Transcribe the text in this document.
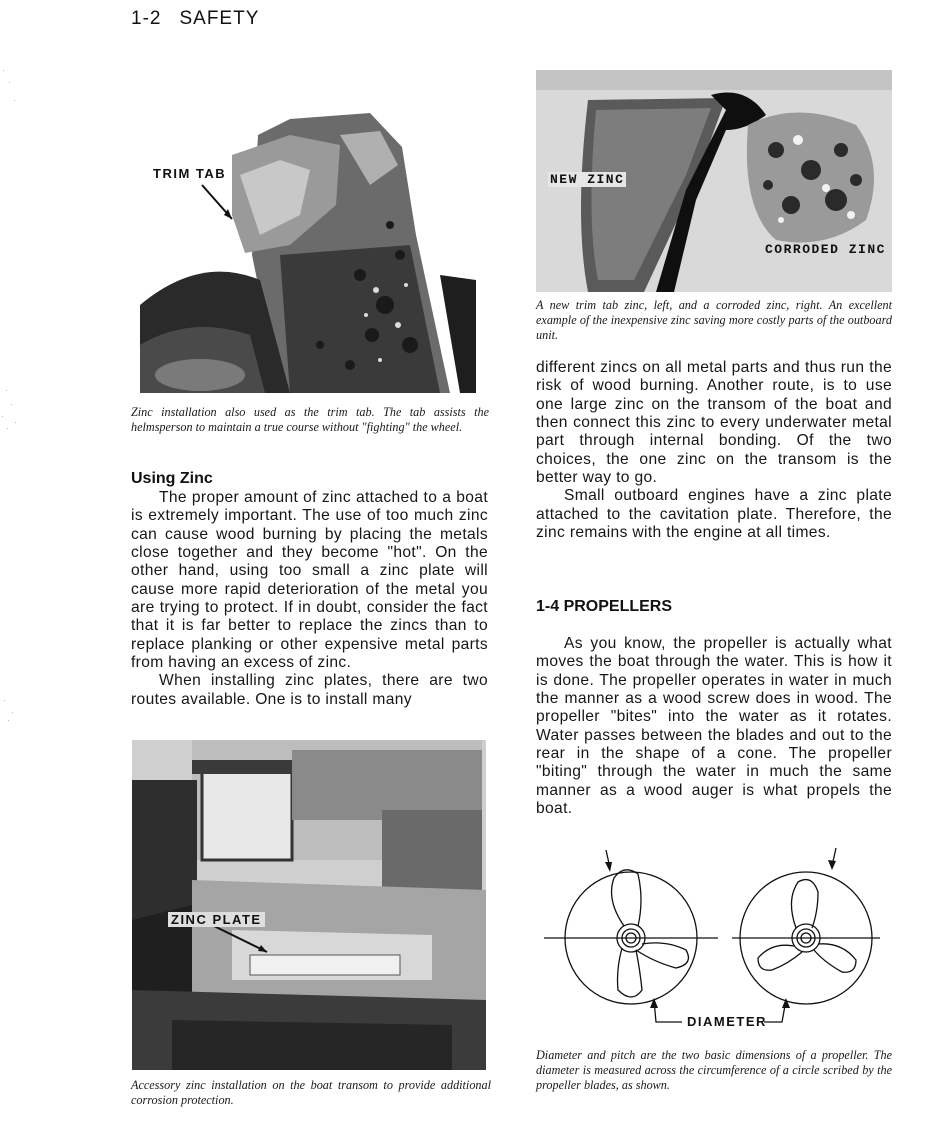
1-2 SAFETY
TRIM TAB
Zinc installation also used as the trim tab. The tab assists the helmsperson to maintain a true course without "fighting" the wheel.
Using Zinc

The proper amount of zinc attached to a boat is extremely important. The use of too much zinc can cause wood burning by placing the metals close together and they become "hot". On the other hand, using too small a zinc plate will cause more rapid deterioration of the metal you are trying to protect. If in doubt, consider the fact that it is far better to replace the zincs than to replace planking or other expensive metal parts from having an excess of zinc.

When installing zinc plates, there are two routes available. One is to install many

ZINC PLATE
Accessory zinc installation on the boat transom to provide additional corrosion protection.
NEW ZINC
CORRODED ZINC
A new trim tab zinc, left, and a corroded zinc, right. An excellent example of the inexpensive zinc saving more costly parts of the outboard unit.

different zincs on all metal parts and thus run the risk of wood burning. Another route, is to use one large zinc on the transom of the boat and then connect this zinc to every underwater metal part through internal bonding. Of the two choices, the one zinc on the transom is the better way to go.

Small outboard engines have a zinc plate attached to the cavitation plate. Therefore, the zinc remains with the engine at all times.

1-4 PROPELLERS

As you know, the propeller is actually what moves the boat through the water. This is how it is done. The propeller operates in water in much the manner as a wood screw does in wood. The propeller "bites" into the water as it rotates. Water passes between the blades and out to the rear in the shape of a cone. The propeller "biting" through the water in much the same manner as a wood auger is what propels the boat.

DIAMETER
Diameter and pitch are the two basic dimensions of a propeller. The diameter is measured across the circumference of a circle scribed by the propeller blades, as shown.
